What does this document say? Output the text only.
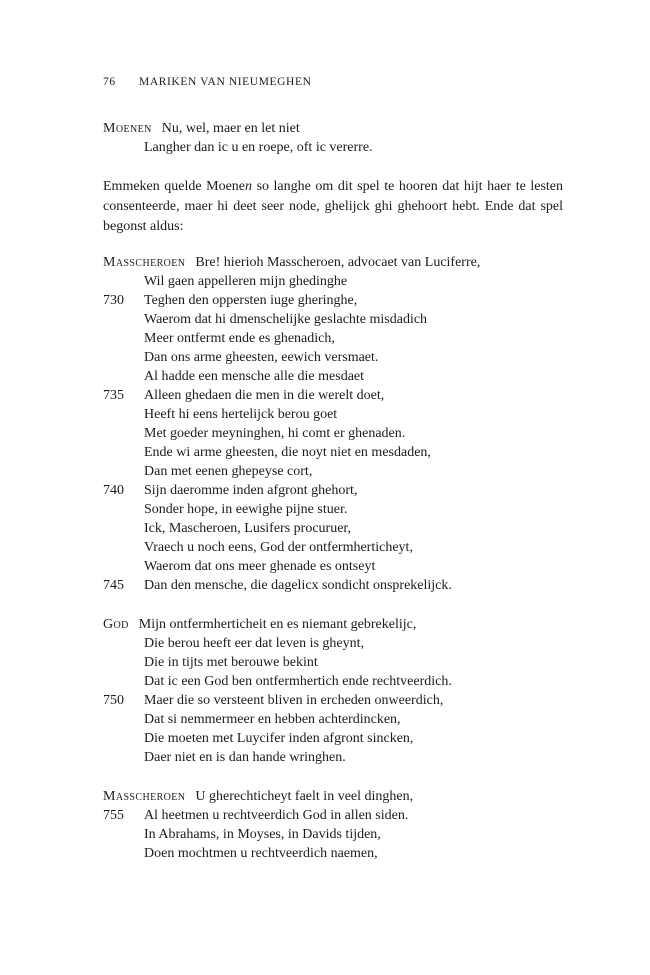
76 MARIKEN VAN NIEUMEGHEN
Moenen Nu, wel, maer en let niet
Langher dan ic u en roepe, oft ic vererre.
Emmeken quelde Moenen so langhe om dit spel te hooren dat hijt haer te lesten consenteerde, maer hi deet seer node, ghelijck ghi ghehoort hebt. Ende dat spel begonst aldus:
Masscheroen Bre! hierioh Masscheroen, advocaet van Luciferre,
Wil gaen appelleren mijn ghedinghe
730 Teghen den oppersten iuge gheringhe,
Waerom dat hi dmenschelijke geslachte misdadich
Meer ontfermt ende es ghenadich,
Dan ons arme gheesten, eewich versmaet.
Al hadde een mensche alle die mesdaet
735 Alleen ghedaen die men in die werelt doet,
Heeft hi eens hertelijck berou goet
Met goeder meyninghen, hi comt er ghenaden.
Ende wi arme gheesten, die noyt niet en mesdaden,
Dan met eenen ghepeyse cort,
740 Sijn daeromme inden afgront ghehort,
Sonder hope, in eewighe pijne stuer.
Ick, Mascheroen, Lusifers procuruer,
Vraech u noch eens, God der ontfermherticheyt,
Waerom dat ons meer ghenade es ontseyt
745 Dan den mensche, die dagelicx sondicht onsprekelijck.
God Mijn ontfermherticheit en es niemant gebrekelijc,
Die berou heeft eer dat leven is gheynt,
Die in tijts met berouwe bekint
Dat ic een God ben ontfermhertich ende rechtveerdich.
750 Maer die so versteent bliven in ercheden onweerdich,
Dat si nemmermeer en hebben achterdincken,
Die moeten met Luycifer inden afgront sincken,
Daer niet en is dan hande wringhen.
Masscheroen U gherechticheyt faelt in veel dinghen,
755 Al heetmen u rechtveerdich God in allen siden.
In Abrahams, in Moyses, in Davids tijden,
Doen mochtmen u rechtveerdich naemen,
